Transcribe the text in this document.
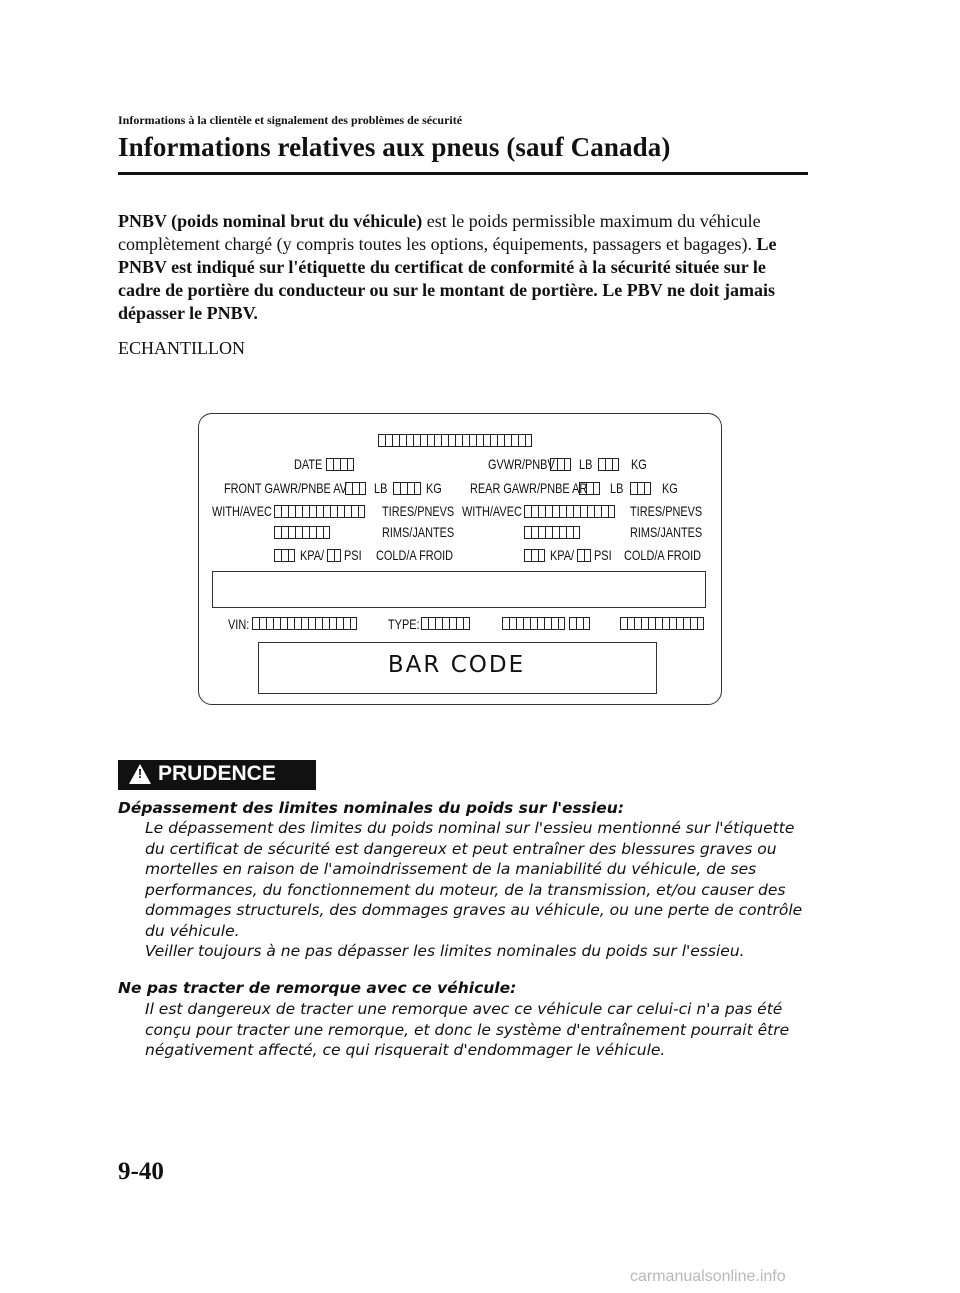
Informations à la clientèle et signalement des problèmes de sécurité
Informations relatives aux pneus (sauf Canada)
PNBV (poids nominal brut du véhicule) est le poids permissible maximum du véhicule complètement chargé (y compris toutes les options, équipements, passagers et bagages). Le PNBV est indiqué sur l'étiquette du certificat de conformité à la sécurité située sur le cadre de portière du conducteur ou sur le montant de portière. Le PBV ne doit jamais dépasser le PNBV.
ECHANTILLON
DATE	GVWR/PNBV LB	KG
FRONT GAWR/PNBE AV LB	KG REAR GAWR/PNBE AR LB	KG
WITH/AVEC	TIRES/PNEVS WITH/AVEC	TIRES/PNEVS
RIMS/JANTES	RIMS/JANTES
KPA/ PSI COLD/A FROID	KPA/ PSI COLD/A FROID
VIN:	TYPE:
BAR CODE
! PRUDENCE
Dépassement des limites nominales du poids sur l'essieu:
Le dépassement des limites du poids nominal sur l'essieu mentionné sur l'étiquette
du certificat de sécurité est dangereux et peut entraîner des blessures graves ou
mortelles en raison de l'amoindrissement de la maniabilité du véhicule, de ses
performances, du fonctionnement du moteur, de la transmission, et/ou causer des
dommages structurels, des dommages graves au véhicule, ou une perte de contrôle
du véhicule.
Veiller toujours à ne pas dépasser les limites nominales du poids sur l'essieu.
Ne pas tracter de remorque avec ce véhicule:
Il est dangereux de tracter une remorque avec ce véhicule car celui-ci n'a pas été
conçu pour tracter une remorque, et donc le système d'entraînement pourrait être
négativement affecté, ce qui risquerait d'endommager le véhicule.
9-40
carmanualsonline.info
